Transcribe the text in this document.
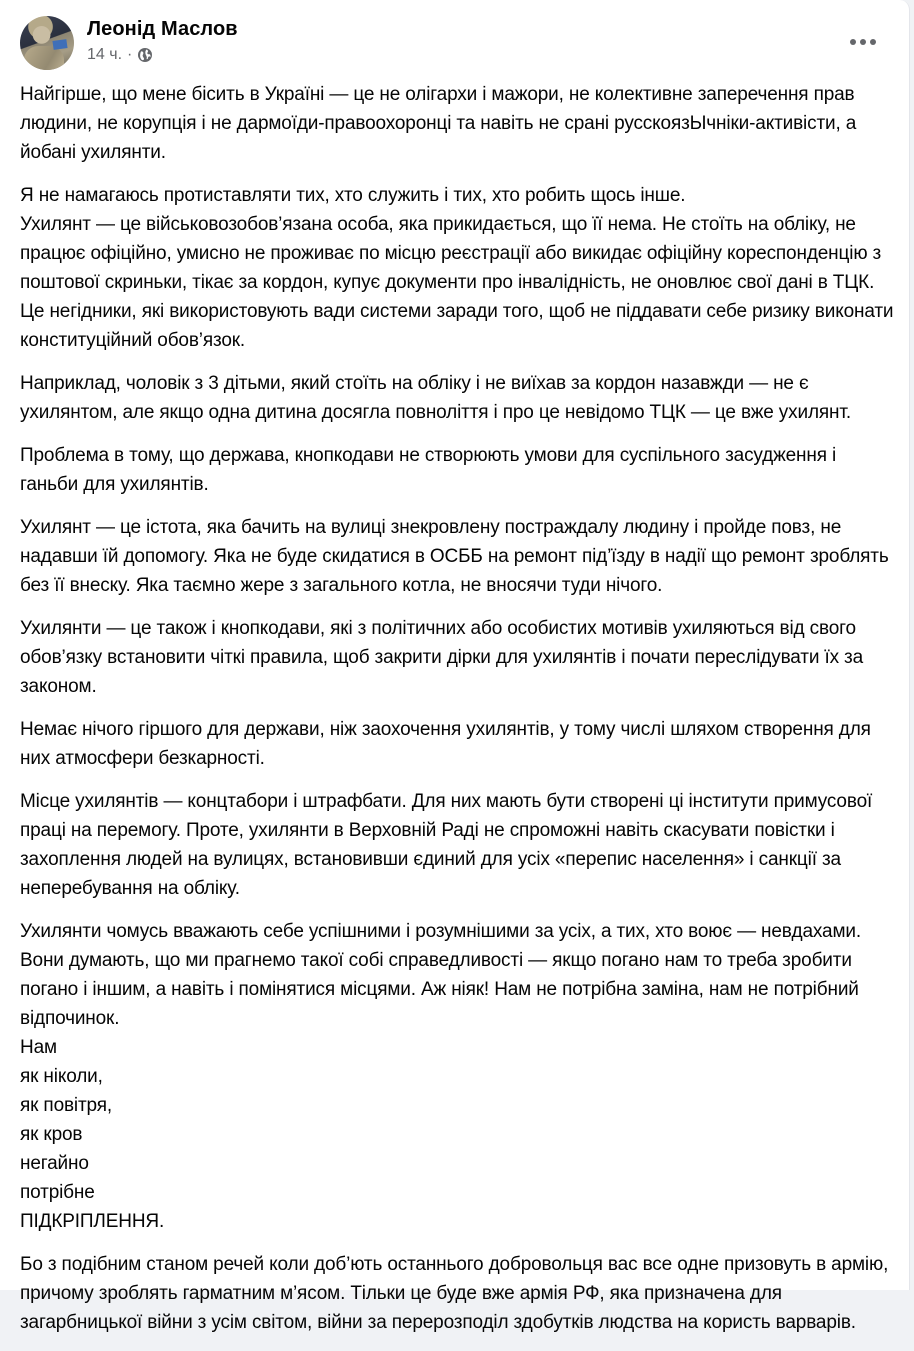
Леонід Маслов
14 ч. ·

Найгірше, що мене бісить в Україні — це не олігархи і мажори, не колективне заперечення прав людини, не корупція і не дармоїди-правоохоронці та навіть не срані русскоязЫчніки-активісти, а йобані ухилянти.

Я не намагаюсь протиставляти тих, хто служить і тих, хто робить щось інше.

Ухилянт — це військовозобов’язана особа, яка прикидається, що її нема. Не стоїть на обліку, не працює офіційно, умисно не проживає по місцю реєстрації або викидає офіційну кореспонденцію з поштової скриньки, тікає за кордон, купує документи про інвалідність, не оновлює свої дані в ТЦК. Це негідники, які використовують вади системи заради того, щоб не піддавати себе ризику виконати конституційний обов’язок.

Наприклад, чоловік з 3 дітьми, який стоїть на обліку і не виїхав за кордон назавжди — не є ухилянтом, але якщо одна дитина досягла повноліття і про це невідомо ТЦК — це вже ухилянт.

Проблема в тому, що держава, кнопкодави не створюють умови для суспільного засудження і ганьби для ухилянтів.

Ухилянт — це істота, яка бачить на вулиці знекровлену постраждалу людину і пройде повз, не надавши їй допомогу. Яка не буде скидатися в ОСББ на ремонт під’їзду в надії що ремонт зроблять без її внеску. Яка таємно жере з загального котла, не вносячи туди нічого.

Ухилянти — це також і кнопкодави, які з політичних або особистих мотивів ухиляються від свого обов’язку встановити чіткі правила, щоб закрити дірки для ухилянтів і почати переслідувати їх за законом.

Немає нічого гіршого для держави, ніж заохочення ухилянтів, у тому числі шляхом створення для них атмосфери безкарності.

Місце ухилянтів — концтабори і штрафбати. Для них мають бути створені ці інститути примусової праці на перемогу. Проте, ухилянти в Верховній Раді не спроможні навіть скасувати повістки і захоплення людей на вулицях, встановивши єдиний для усіх «перепис населення» і санкції за неперебування на обліку.

Ухилянти чомусь вважають себе успішними і розумнішими за усіх, а тих, хто воює — невдахами. Вони думають, що ми прагнемо такої собі справедливості — якщо погано нам то треба зробити погано і іншим, а навіть і помінятися місцями. Аж ніяк! Нам не потрібна заміна, нам не потрібний відпочинок.

Нам
як ніколи,
як повітря,
як кров
негайно
потрібне
ПІДКРІПЛЕННЯ.

Бо з подібним станом речей коли доб’ють останнього добровольця вас все одне призовуть в армію, причому зроблять гарматним м’ясом. Тільки це буде вже армія РФ, яка призначена для загарбницької війни з усім світом, війни за перерозподіл здобутків людства на користь варварів.
